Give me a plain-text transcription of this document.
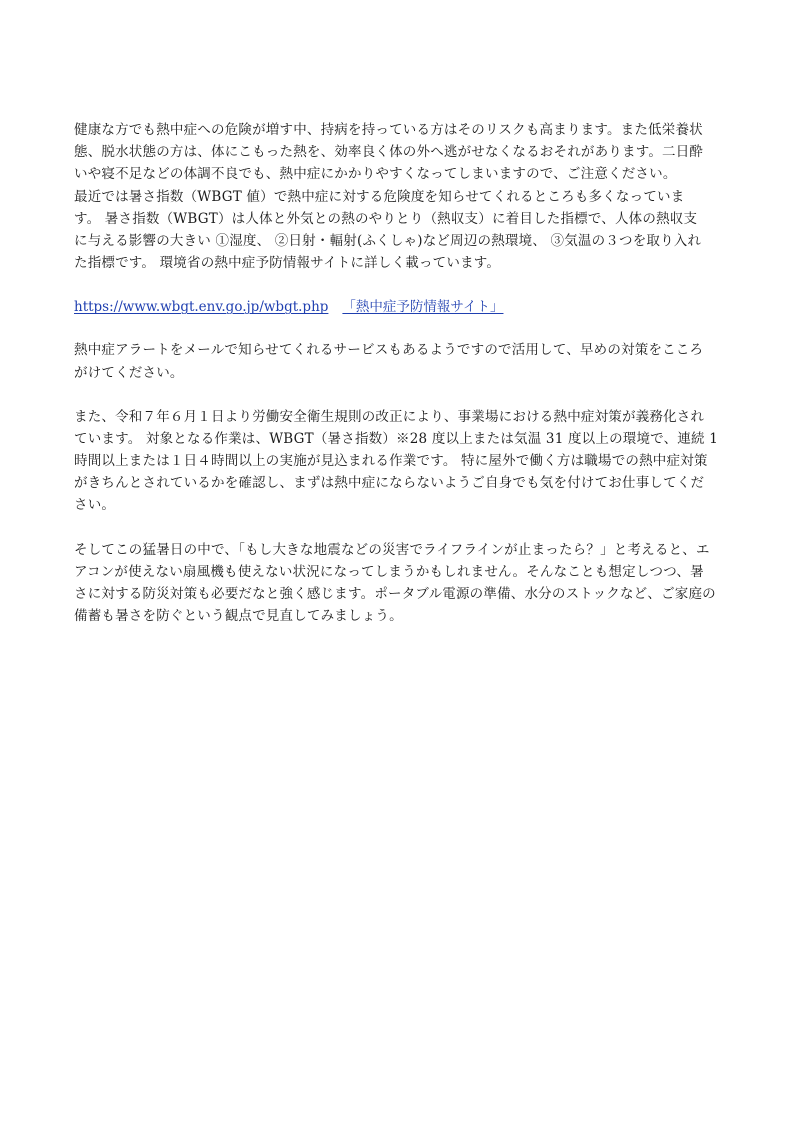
健康な方でも熱中症への危険が増す中、持病を持っている方はそのリスクも高まります。また低栄養状
態、脱水状態の方は、体にこもった熱を、効率良く体の外へ逃がせなくなるおそれがあります。二日酔
いや寝不足などの体調不良でも、熱中症にかかりやすくなってしまいますので、ご注意ください。
最近では暑さ指数（WBGT 値）で熱中症に対する危険度を知らせてくれるところも多くなっていま
す。 暑さ指数（WBGT）は人体と外気との熱のやりとり（熱収支）に着目した指標で、人体の熱収支
に与える影響の大きい ①湿度、 ②日射・輻射(ふくしゃ)など周辺の熱環境、 ③気温の３つを取り入れ
た指標です。 環境省の熱中症予防情報サイトに詳しく載っています。
https://www.wbgt.env.go.jp/wbgt.php 「熱中症予防情報サイト」
熱中症アラートをメールで知らせてくれるサービスもあるようですので活用して、早めの対策をこころ
がけてください。
また、令和７年６月１日より労働安全衛生規則の改正により、事業場における熱中症対策が義務化され
ています。 対象となる作業は、WBGT（暑さ指数）※28 度以上または気温 31 度以上の環境で、連続 1
時間以上または１日４時間以上の実施が見込まれる作業です。 特に屋外で働く方は職場での熱中症対策
がきちんとされているかを確認し、まずは熱中症にならないようご自身でも気を付けてお仕事してくだ
さい。
そしてこの猛暑日の中で、「もし大きな地震などの災害でライフラインが止まったら？」と考えると、エ
アコンが使えない扇風機も使えない状況になってしまうかもしれません。そんなことも想定しつつ、暑
さに対する防災対策も必要だなと強く感じます。ポータブル電源の準備、水分のストックなど、ご家庭の
備蓄も暑さを防ぐという観点で見直してみましょう。
